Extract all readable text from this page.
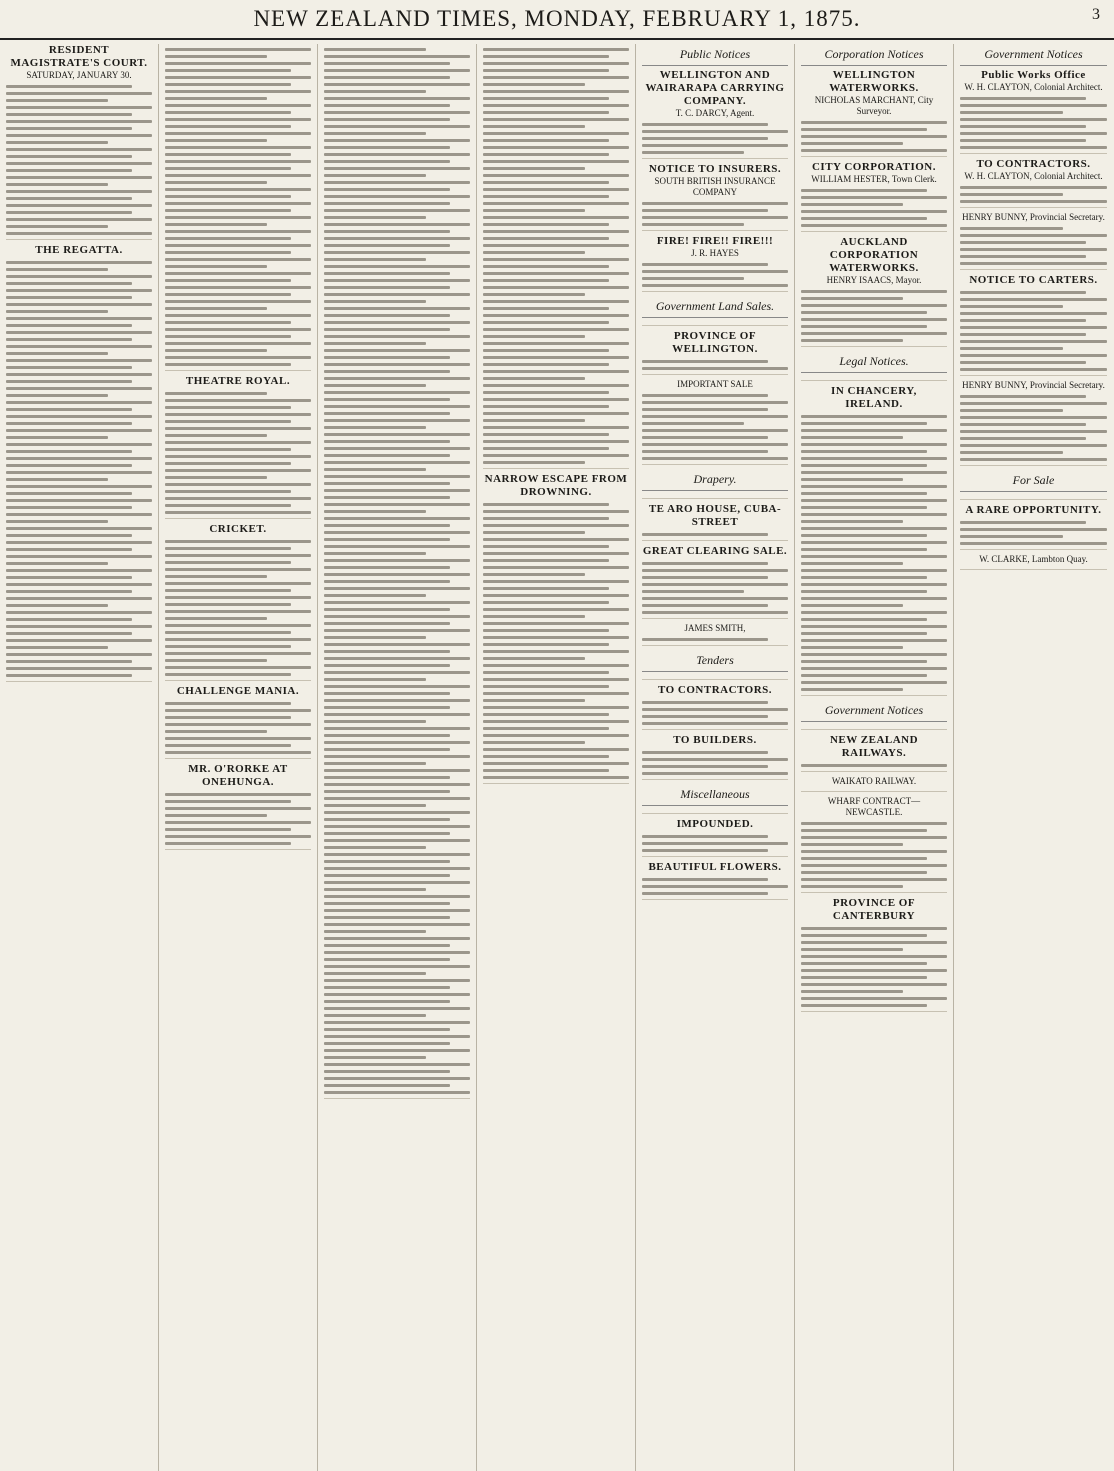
NEW ZEALAND TIMES, MONDAY, FEBRUARY 1, 1875.	3
RESIDENT MAGISTRATE'S COURT.
SATURDAY, JANUARY 30.
THE REGATTA.
THEATRE ROYAL.
CRICKET.
CHALLENGE MANIA.
MR. O'RORKE AT ONEHUNGA.
NARROW ESCAPE FROM DROWNING.
Public Notices
WELLINGTON AND WAIRARAPA CARRYING COMPANY.
T. C. DARCY, Agent.
NOTICE TO INSURERS.
SOUTH BRITISH INSURANCE COMPANY
FIRE! FIRE!! FIRE!!!
J. R. HAYES
Government Land Sales.
PROVINCE OF WELLINGTON.
IMPORTANT SALE
Drapery.
TE ARO HOUSE, CUBA-STREET
GREAT CLEARING SALE.
JAMES SMITH,
Tenders
TO CONTRACTORS.
TO BUILDERS.
Miscellaneous
IMPOUNDED.
BEAUTIFUL FLOWERS.
Corporation Notices
WELLINGTON WATERWORKS.
NICHOLAS MARCHANT, City Surveyor.
CITY CORPORATION.
WILLIAM HESTER, Town Clerk.
AUCKLAND CORPORATION WATERWORKS.
HENRY ISAACS, Mayor.
Legal Notices.
IN CHANCERY, IRELAND.
Government Notices
NEW ZEALAND RAILWAYS.
WAIKATO RAILWAY.
WHARF CONTRACT—NEWCASTLE.
PROVINCE OF CANTERBURY
Government Notices
Public Works Office
W. H. CLAYTON, Colonial Architect.
TO CONTRACTORS.
W. H. CLAYTON, Colonial Architect.
HENRY BUNNY, Provincial Secretary.
NOTICE TO CARTERS.
HENRY BUNNY, Provincial Secretary.
For Sale
A RARE OPPORTUNITY.
W. CLARKE, Lambton Quay.
